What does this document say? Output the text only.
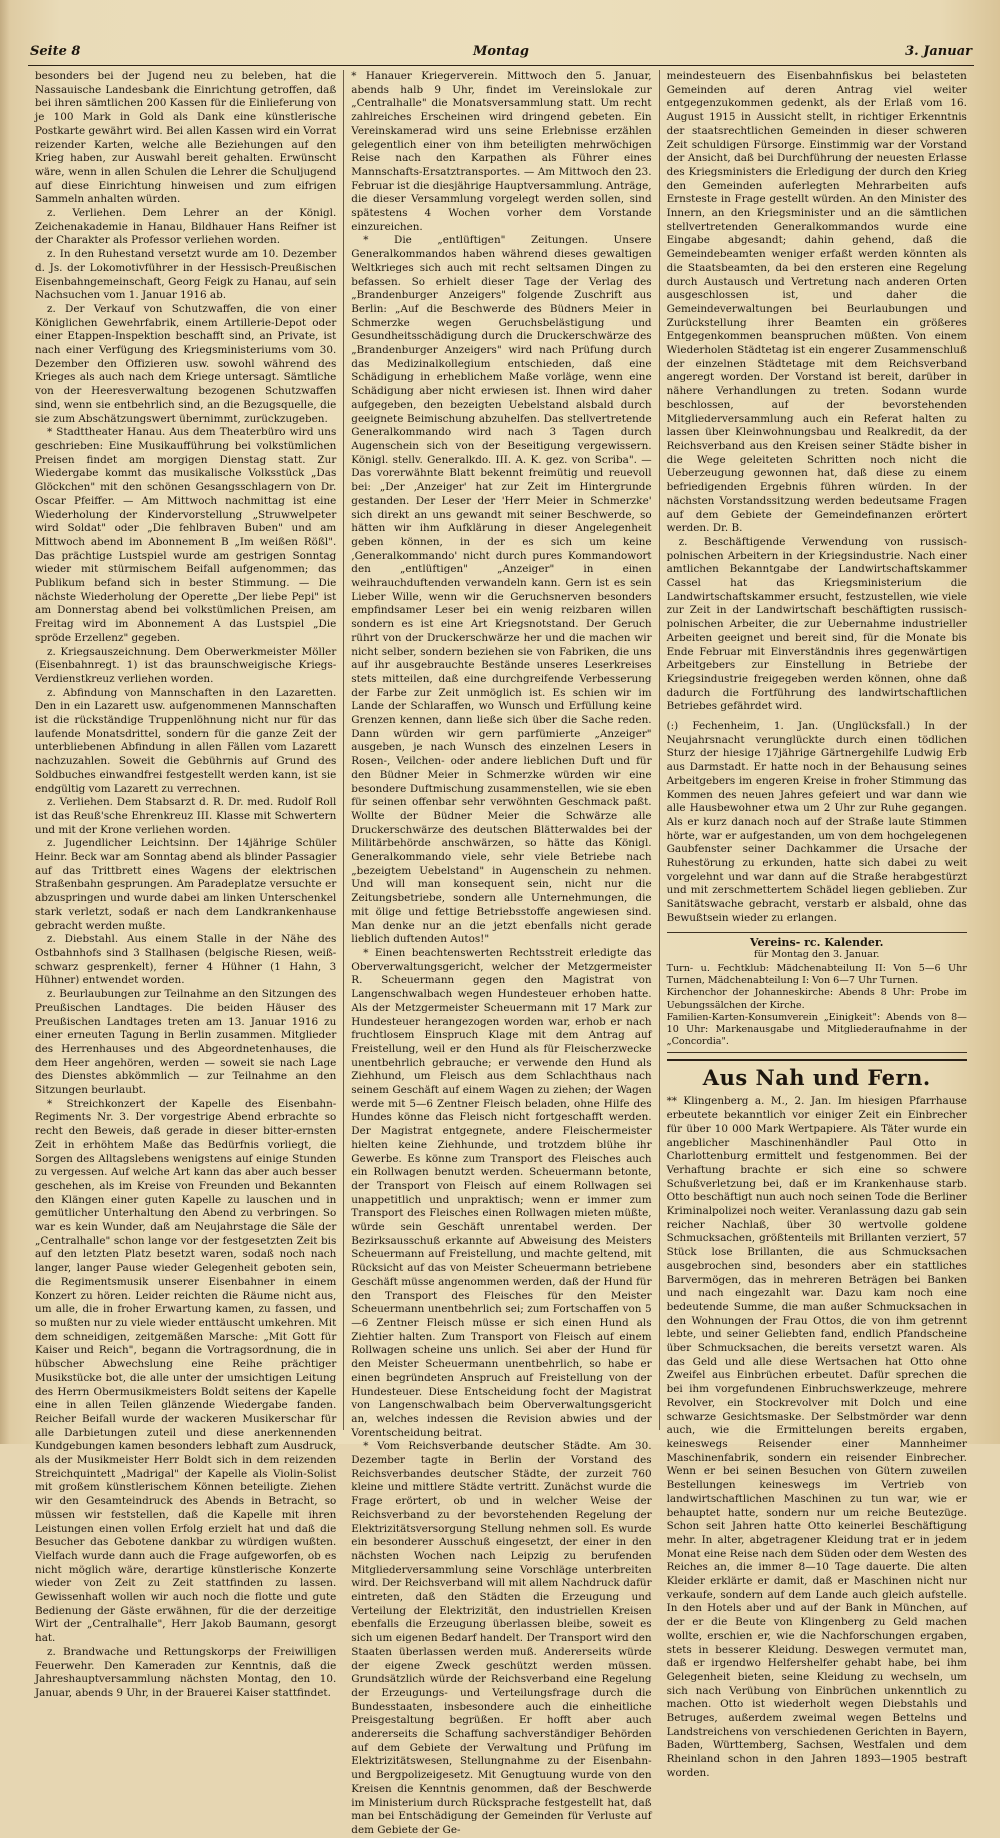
Seite 8	Montag	3. Januar

besonders bei der Jugend neu zu beleben, hat die Nassauische Landesbank die Einrichtung getroffen, daß bei ihren sämtlichen 200 Kassen für die Einlieferung von je 100 Mark in Gold als Dank eine künstlerische Postkarte gewährt wird. Bei allen Kassen wird ein Vorrat reizender Karten, welche alle Beziehungen auf den Krieg haben, zur Auswahl bereit gehalten. Erwünscht wäre, wenn in allen Schulen die Lehrer die Schuljugend auf diese Einrichtung hinweisen und zum eifrigen Sammeln anhalten würden.

z. Verliehen. Dem Lehrer an der Königl. Zeichenakademie in Hanau, Bildhauer Hans Reifner ist der Charakter als Professor verliehen worden.

z. In den Ruhestand versetzt wurde am 10. Dezember d. Js. der Lokomotivführer in der Hessisch-Preußischen Eisenbahngemeinschaft, Georg Feigk zu Hanau, auf sein Nachsuchen vom 1. Januar 1916 ab.

z. Der Verkauf von Schutzwaffen, die von einer Königlichen Gewehrfabrik, einem Artillerie-Depot oder einer Etappen-Inspektion beschafft sind, an Private, ist nach einer Verfügung des Kriegsministeriums vom 30. Dezember den Offizieren usw. sowohl während des Krieges als auch nach dem Kriege untersagt. Sämtliche von der Heeresverwaltung bezogenen Schutzwaffen sind, wenn sie entbehrlich sind, an die Bezugsquelle, die sie zum Abschätzungswert übernimmt, zurückzugeben.

* Stadttheater Hanau. Aus dem Theaterbüro wird uns geschrieben: Eine Musikaufführung bei volkstümlichen Preisen findet am morgigen Dienstag statt. Zur Wiedergabe kommt das musikalische Volksstück „Das Glöckchen" mit den schönen Gesangsschlagern von Dr. Oscar Pfeiffer. — Am Mittwoch nachmittag ist eine Wiederholung der Kindervorstellung „Struwwelpeter wird Soldat" oder „Die fehlbraven Buben" und am Mittwoch abend im Abonnement B „Im weißen Rößl". Das prächtige Lustspiel wurde am gestrigen Sonntag wieder mit stürmischem Beifall aufgenommen; das Publikum befand sich in bester Stimmung. — Die nächste Wiederholung der Operette „Der liebe Pepi" ist am Donnerstag abend bei volkstümlichen Preisen, am Freitag wird im Abonnement A das Lustspiel „Die spröde Erzellenz" gegeben.

z. Kriegsauszeichnung. Dem Oberwerkmeister Möller (Eisenbahnregt. 1) ist das braunschweigische Kriegs-Verdienstkreuz verliehen worden.

z. Abfindung von Mannschaften in den Lazaretten. Den in ein Lazarett usw. aufgenommenen Mannschaften ist die rückständige Truppenlöhnung nicht nur für das laufende Monatsdrittel, sondern für die ganze Zeit der unterbliebenen Abfindung in allen Fällen vom Lazarett nachzuzahlen. Soweit die Gebührnis auf Grund des Soldbuches einwandfrei festgestellt werden kann, ist sie endgültig vom Lazarett zu verrechnen.

z. Verliehen. Dem Stabsarzt d. R. Dr. med. Rudolf Roll ist das Reuß'sche Ehrenkreuz III. Klasse mit Schwertern und mit der Krone verliehen worden.

z. Jugendlicher Leichtsinn. Der 14jährige Schüler Heinr. Beck war am Sonntag abend als blinder Passagier auf das Trittbrett eines Wagens der elektrischen Straßenbahn gesprungen. Am Paradeplatze versuchte er abzuspringen und wurde dabei am linken Unterschenkel stark verletzt, sodaß er nach dem Landkrankenhause gebracht werden mußte.

z. Diebstahl. Aus einem Stalle in der Nähe des Ostbahnhofs sind 3 Stallhasen (belgische Riesen, weiß-schwarz gesprenkelt), ferner 4 Hühner (1 Hahn, 3 Hühner) entwendet worden.

z. Beurlaubungen zur Teilnahme an den Sitzungen des Preußischen Landtages. Die beiden Häuser des Preußischen Landtages treten am 13. Januar 1916 zu einer erneuten Tagung in Berlin zusammen. Mitglieder des Herrenhauses und des Abgeordnetenhauses, die dem Heer angehören, werden — soweit sie nach Lage des Dienstes abkömmlich — zur Teilnahme an den Sitzungen beurlaubt.

* Streichkonzert der Kapelle des Eisenbahn-Regiments Nr. 3. Der vorgestrige Abend erbrachte so recht den Beweis, daß gerade in dieser bitter-ernsten Zeit in erhöhtem Maße das Bedürfnis vorliegt, die Sorgen des Alltagslebens wenigstens auf einige Stunden zu vergessen. Auf welche Art kann das aber auch besser geschehen, als im Kreise von Freunden und Bekannten den Klängen einer guten Kapelle zu lauschen und in gemütlicher Unterhaltung den Abend zu verbringen. So war es kein Wunder, daß am Neujahrstage die Säle der „Centralhalle" schon lange vor der festgesetzten Zeit bis auf den letzten Platz besetzt waren, sodaß noch nach langer, langer Pause wieder Gelegenheit geboten sein, die Regimentsmusik unserer Eisenbahner in einem Konzert zu hören. Leider reichten die Räume nicht aus, um alle, die in froher Erwartung kamen, zu fassen, und so mußten nur zu viele wieder enttäuscht umkehren. Mit dem schneidigen, zeitgemäßen Marsche: „Mit Gott für Kaiser und Reich", begann die Vortragsordnung, die in hübscher Abwechslung eine Reihe prächtiger Musikstücke bot, die alle unter der umsichtigen Leitung des Herrn Obermusikmeisters Boldt seitens der Kapelle eine in allen Teilen glänzende Wiedergabe fanden. Reicher Beifall wurde der wackeren Musikerschar für alle Darbietungen zuteil und diese anerkennenden Kundgebungen kamen besonders lebhaft zum Ausdruck, als der Musikmeister Herr Boldt sich in dem reizenden Streichquintett „Madrigal" der Kapelle als Violin-Solist mit großem künstlerischem Können beteiligte. Ziehen wir den Gesamteindruck des Abends in Betracht, so müssen wir feststellen, daß die Kapelle mit ihren Leistungen einen vollen Erfolg erzielt hat und daß die Besucher das Gebotene dankbar zu würdigen wußten. Vielfach wurde dann auch die Frage aufgeworfen, ob es nicht möglich wäre, derartige künstlerische Konzerte wieder von Zeit zu Zeit stattfinden zu lassen. Gewissenhaft wollen wir auch noch die flotte und gute Bedienung der Gäste erwähnen, für die der derzeitige Wirt der „Centralhalle", Herr Jakob Baumann, gesorgt hat.

z. Brandwache und Rettungskorps der Freiwilligen Feuerwehr. Den Kameraden zur Kenntnis, daß die Jahreshauptversammlung nächsten Montag, den 10. Januar, abends 9 Uhr, in der Brauerei Kaiser stattfindet.

* Hanauer Kriegerverein. Mittwoch den 5. Januar, abends halb 9 Uhr, findet im Vereinslokale zur „Centralhalle" die Monatsversammlung statt. Um recht zahlreiches Erscheinen wird dringend gebeten. Ein Vereinskamerad wird uns seine Erlebnisse erzählen gelegentlich einer von ihm beteiligten mehrwöchigen Reise nach den Karpathen als Führer eines Mannschafts-Ersatztransportes. — Am Mittwoch den 23. Februar ist die diesjährige Hauptversammlung. Anträge, die dieser Versammlung vorgelegt werden sollen, sind spätestens 4 Wochen vorher dem Vorstande einzureichen.

* Die „entlüftigen" Zeitungen. Unsere Generalkommandos haben während dieses gewaltigen Weltkrieges sich auch mit recht seltsamen Dingen zu befassen. So erhielt dieser Tage der Verlag des „Brandenburger Anzeigers" folgende Zuschrift aus Berlin: „Auf die Beschwerde des Büdners Meier in Schmerzke wegen Geruchsbelästigung und Gesundheitsschädigung durch die Druckerschwärze des „Brandenburger Anzeigers" wird nach Prüfung durch das Medizinalkollegium entschieden, daß eine Schädigung in erheblichem Maße vorläge, wenn eine Schädigung aber nicht erwiesen ist. Ihnen wird daher aufgegeben, den bezeigten Uebelstand alsbald durch geeignete Beimischung abzuhelfen. Das stellvertretende Generalkommando wird nach 3 Tagen durch Augenschein sich von der Beseitigung vergewissern. Königl. stellv. Generalkdo. III. A. K. gez. von Scriba". — Das vorerwähnte Blatt bekennt freimütig und reuevoll bei: „Der ‚Anzeiger' hat zur Zeit im Hintergrunde gestanden. Der Leser der 'Herr Meier in Schmerzke' sich direkt an uns gewandt mit seiner Beschwerde, so hätten wir ihm Aufklärung in dieser Angelegenheit geben können, in der es sich um keine ‚Generalkommando' nicht durch pures Kommandowort den „entlüftigen" „Anzeiger" in einen weihrauchduftenden verwandeln kann. Gern ist es sein Lieber Wille, wenn wir die Geruchsnerven besonders empfindsamer Leser bei ein wenig reizbaren willen sondern es ist eine Art Kriegsnotstand. Der Geruch rührt von der Druckerschwärze her und die machen wir nicht selber, sondern beziehen sie von Fabriken, die uns auf ihr ausgebrauchte Bestände unseres Leserkreises stets mitteilen, daß eine durchgreifende Verbesserung der Farbe zur Zeit unmöglich ist. Es schien wir im Lande der Schlaraffen, wo Wunsch und Erfüllung keine Grenzen kennen, dann ließe sich über die Sache reden. Dann würden wir gern parfümierte „Anzeiger" ausgeben, je nach Wunsch des einzelnen Lesers in Rosen-, Veilchen- oder andere lieblichen Duft und für den Büdner Meier in Schmerzke würden wir eine besondere Duftmischung zusammenstellen, wie sie eben für seinen offenbar sehr verwöhnten Geschmack paßt. Wollte der Büdner Meier die Schwärze alle Druckerschwärze des deutschen Blätterwaldes bei der Militärbehörde anschwärzen, so hätte das Königl. Generalkommando viele, sehr viele Betriebe nach „bezeigtem Uebelstand" in Augenschein zu nehmen. Und will man konsequent sein, nicht nur die Zeitungsbetriebe, sondern alle Unternehmungen, die mit ölige und fettige Betriebsstoffe angewiesen sind. Man denke nur an die jetzt ebenfalls nicht gerade lieblich duftenden Autos!"

* Einen beachtenswerten Rechtsstreit erledigte das Oberverwaltungsgericht, welcher der Metzgermeister R. Scheuermann gegen den Magistrat von Langenschwalbach wegen Hundesteuer erhoben hatte. Als der Metzgermeister Scheuermann mit 17 Mark zur Hundesteuer herangezogen worden war, erhob er nach fruchtlosem Einspruch Klage mit dem Antrag auf Freistellung, weil er den Hund als für Fleischerzwecke unentbehrlich gebrauche; er verwende den Hund als Ziehhund, um Fleisch aus dem Schlachthaus nach seinem Geschäft auf einem Wagen zu ziehen; der Wagen werde mit 5—6 Zentner Fleisch beladen, ohne Hilfe des Hundes könne das Fleisch nicht fortgeschafft werden. Der Magistrat entgegnete, andere Fleischermeister hielten keine Ziehhunde, und trotzdem blühe ihr Gewerbe. Es könne zum Transport des Fleisches auch ein Rollwagen benutzt werden. Scheuermann betonte, der Transport von Fleisch auf einem Rollwagen sei unappetitlich und unpraktisch; wenn er immer zum Transport des Fleisches einen Rollwagen mieten müßte, würde sein Geschäft unrentabel werden. Der Bezirksausschuß erkannte auf Abweisung des Meisters Scheuermann auf Freistellung, und machte geltend, mit Rücksicht auf das von Meister Scheuermann betriebene Geschäft müsse angenommen werden, daß der Hund für den Transport des Fleisches für den Meister Scheuermann unentbehrlich sei; zum Fortschaffen von 5—6 Zentner Fleisch müsse er sich einen Hund als Ziehtier halten. Zum Transport von Fleisch auf einem Rollwagen scheine uns unlich. Sei aber der Hund für den Meister Scheuermann unentbehrlich, so habe er einen begründeten Anspruch auf Freistellung von der Hundesteuer. Diese Entscheidung focht der Magistrat von Langenschwalbach beim Oberverwaltungsgericht an, welches indessen die Revision abwies und der Vorentscheidung beitrat.

* Vom Reichsverbande deutscher Städte. Am 30. Dezember tagte in Berlin der Vorstand des Reichsverbandes deutscher Städte, der zurzeit 760 kleine und mittlere Städte vertritt. Zunächst wurde die Frage erörtert, ob und in welcher Weise der Reichsverband zu der bevorstehenden Regelung der Elektrizitätsversorgung Stellung nehmen soll. Es wurde ein besonderer Ausschuß eingesetzt, der einer in den nächsten Wochen nach Leipzig zu berufenden Mitgliederversammlung seine Vorschläge unterbreiten wird. Der Reichsverband will mit allem Nachdruck dafür eintreten, daß den Städten die Erzeugung und Verteilung der Elektrizität, den industriellen Kreisen ebenfalls die Erzeugung überlassen bleibe, soweit es sich um eigenen Bedarf handelt. Der Transport wird den Staaten überlassen werden muß. Andererseits würde der eigene Zweck geschützt werden müssen. Grundsätzlich würde der Reichsverband eine Regelung der Erzeugungs- und Verteilungsfrage durch die Bundesstaaten, insbesondere auch die einheitliche Preisgestaltung begrüßen. Er hofft aber auch andererseits die Schaffung sachverständiger Behörden auf dem Gebiete der Verwaltung und Prüfung im Elektrizitätswesen, Stellungnahme zu der Eisenbahn- und Bergpolizeigesetz. Mit Genugtuung wurde von den Kreisen die Kenntnis genommen, daß der Beschwerde im Ministerium durch Rücksprache festgestellt hat, daß man bei Entschädigung der Gemeinden für Verluste auf dem Gebiete der Ge-

meindesteuern des Eisenbahnfiskus bei belasteten Gemeinden auf deren Antrag viel weiter entgegenzukommen gedenkt, als der Erlaß vom 16. August 1915 in Aussicht stellt, in richtiger Erkenntnis der staatsrechtlichen Gemeinden in dieser schweren Zeit schuldigen Fürsorge. Einstimmig war der Vorstand der Ansicht, daß bei Durchführung der neuesten Erlasse des Kriegsministers die Erledigung der durch den Krieg den Gemeinden auferlegten Mehrarbeiten aufs Ernsteste in Frage gestellt würden. An den Minister des Innern, an den Kriegsminister und an die sämtlichen stellvertretenden Generalkommandos wurde eine Eingabe abgesandt; dahin gehend, daß die Gemeindebeamten weniger erfaßt werden könnten als die Staatsbeamten, da bei den ersteren eine Regelung durch Austausch und Vertretung nach anderen Orten ausgeschlossen ist, und daher die Gemeindeverwaltungen bei Beurlaubungen und Zurückstellung ihrer Beamten ein größeres Entgegenkommen beanspruchen müßten. Von einem Wiederholen Städtetag ist ein engerer Zusammenschluß der einzelnen Städtetage mit dem Reichsverband angeregt worden. Der Vorstand ist bereit, darüber in nähere Verhandlungen zu treten. Sodann wurde beschlossen, auf der bevorstehenden Mitgliederversammlung auch ein Referat halten zu lassen über Kleinwohnungsbau und Realkredit, da der Reichsverband aus den Kreisen seiner Städte bisher in die Wege geleiteten Schritten noch nicht die Ueberzeugung gewonnen hat, daß diese zu einem befriedigenden Ergebnis führen würden. In der nächsten Vorstandssitzung werden bedeutsame Fragen auf dem Gebiete der Gemeindefinanzen erörtert werden. Dr. B.

z. Beschäftigende Verwendung von russisch-polnischen Arbeitern in der Kriegsindustrie. Nach einer amtlichen Bekanntgabe der Landwirtschaftskammer Cassel hat das Kriegsministerium die Landwirtschaftskammer ersucht, festzustellen, wie viele zur Zeit in der Landwirtschaft beschäftigten russisch-polnischen Arbeiter, die zur Uebernahme industrieller Arbeiten geeignet und bereit sind, für die Monate bis Ende Februar mit Einverständnis ihres gegenwärtigen Arbeitgebers zur Einstellung in Betriebe der Kriegsindustrie freigegeben werden können, ohne daß dadurch die Fortführung des landwirtschaftlichen Betriebes gefährdet wird.

(:) Fechenheim, 1. Jan. (Unglücksfall.) In der Neujahrsnacht verunglückte durch einen tödlichen Sturz der hiesige 17jährige Gärtnergehilfe Ludwig Erb aus Darmstadt. Er hatte noch in der Behausung seines Arbeitgebers im engeren Kreise in froher Stimmung das Kommen des neuen Jahres gefeiert und war dann wie alle Hausbewohner etwa um 2 Uhr zur Ruhe gegangen. Als er kurz danach noch auf der Straße laute Stimmen hörte, war er aufgestanden, um von dem hochgelegenen Gaubfenster seiner Dachkammer die Ursache der Ruhestörung zu erkunden, hatte sich dabei zu weit vorgelehnt und war dann auf die Straße herabgestürzt und mit zerschmettertem Schädel liegen geblieben. Zur Sanitätswache gebracht, verstarb er alsbald, ohne das Bewußtsein wieder zu erlangen.

Vereins- rc. Kalender.
für Montag den 3. Januar.
Turn- u. Fechtklub: Mädchenabteilung II: Von 5—6 Uhr Turnen, Mädchenabteilung I: Von 6—7 Uhr Turnen.
Kirchenchor der Johanneskirche: Abends 8 Uhr: Probe im Uebungssälchen der Kirche.
Familien-Karten-Konsumverein „Einigkeit": Abends von 8—10 Uhr: Markenausgabe und Mitgliederaufnahme in der „Concordia".
Aus Nah und Fern.

** Klingenberg a. M., 2. Jan. Im hiesigen Pfarrhause erbeutete bekanntlich vor einiger Zeit ein Einbrecher für über 10 000 Mark Wertpapiere. Als Täter wurde ein angeblicher Maschinenhändler Paul Otto in Charlottenburg ermittelt und festgenommen. Bei der Verhaftung brachte er sich eine so schwere Schußverletzung bei, daß er im Krankenhause starb. Otto beschäftigt nun auch noch seinen Tode die Berliner Kriminalpolizei noch weiter. Veranlassung dazu gab sein reicher Nachlaß, über 30 wertvolle goldene Schmucksachen, größtenteils mit Brillanten verziert, 57 Stück lose Brillanten, die aus Schmucksachen ausgebrochen sind, besonders aber ein stattliches Barvermögen, das in mehreren Beträgen bei Banken und nach eingezahlt war. Dazu kam noch eine bedeutende Summe, die man außer Schmucksachen in den Wohnungen der Frau Ottos, die von ihm getrennt lebte, und seiner Geliebten fand, endlich Pfandscheine über Schmucksachen, die bereits versetzt waren. Als das Geld und alle diese Wertsachen hat Otto ohne Zweifel aus Einbrüchen erbeutet. Dafür sprechen die bei ihm vorgefundenen Einbruchswerkzeuge, mehrere Revolver, ein Stockrevolver mit Dolch und eine schwarze Gesichtsmaske. Der Selbstmörder war denn auch, wie die Ermittelungen bereits ergaben, keineswegs Reisender einer Mannheimer Maschinenfabrik, sondern ein reisender Einbrecher. Wenn er bei seinen Besuchen von Gütern zuweilen Bestellungen keineswegs im Vertrieb von landwirtschaftlichen Maschinen zu tun war, wie er behauptet hatte, sondern nur um reiche Beutezüge. Schon seit Jahren hatte Otto keinerlei Beschäftigung mehr. In alter, abgetragener Kleidung trat er in jedem Monat eine Reise nach dem Süden oder dem Westen des Reiches an, die immer 8—10 Tage dauerte. Die alten Kleider erklärte er damit, daß er Maschinen nicht nur verkaufe, sondern auf dem Lande auch gleich aufstelle. In den Hotels aber und auf der Bank in München, auf der er die Beute von Klingenberg zu Geld machen wollte, erschien er, wie die Nachforschungen ergaben, stets in besserer Kleidung. Deswegen vermutet man, daß er irgendwo Helfershelfer gehabt habe, bei ihm Gelegenheit bieten, seine Kleidung zu wechseln, um sich nach Verübung von Einbrüchen unkenntlich zu machen. Otto ist wiederholt wegen Diebstahls und Betruges, außerdem zweimal wegen Bettelns und Landstreichens von verschiedenen Gerichten in Bayern, Baden, Württemberg, Sachsen, Westfalen und dem Rheinland schon in den Jahren 1893—1905 bestraft worden.
